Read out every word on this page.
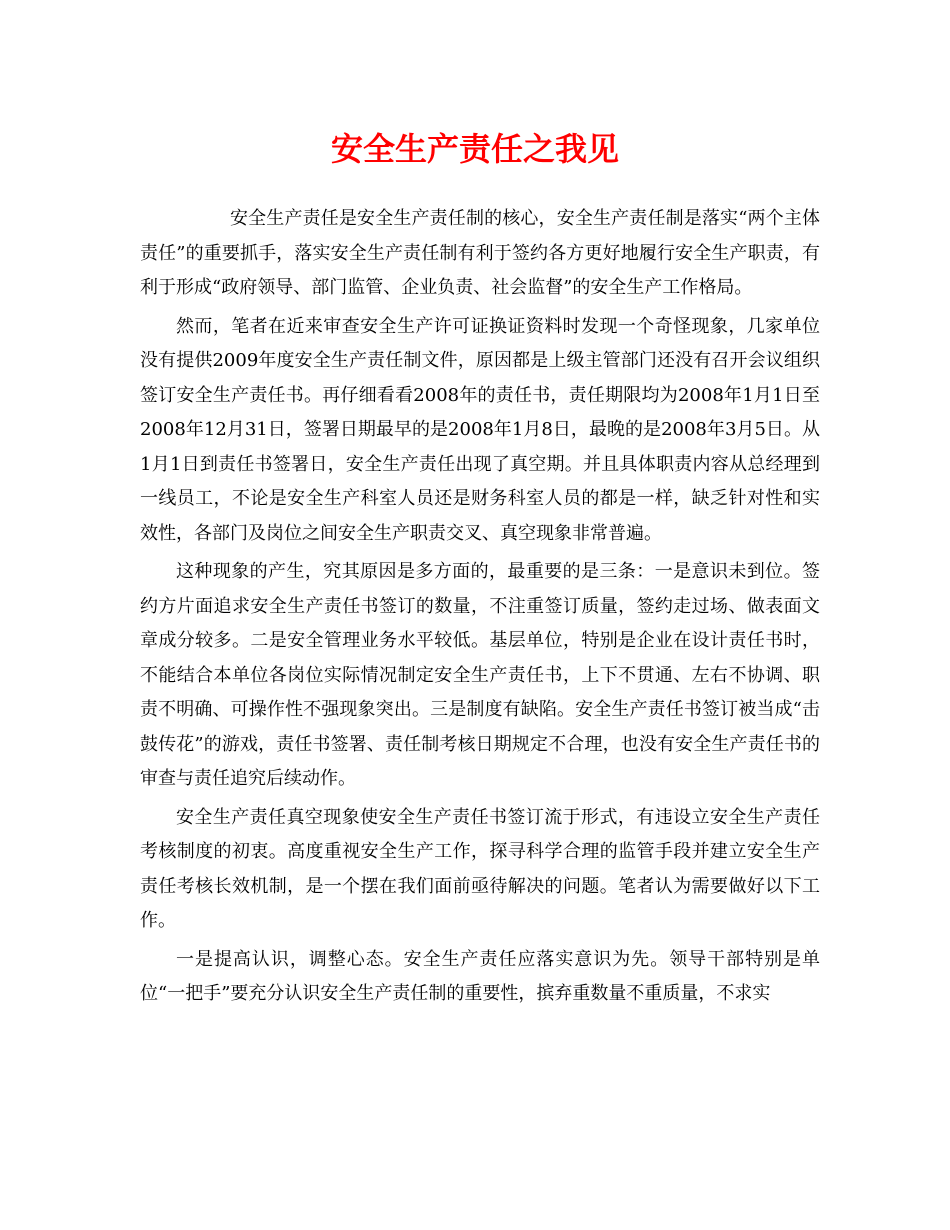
安全生产责任之我见

安全生产责任是安全生产责任制的核心，安全生产责任制是落实“两个主体责任”的重要抓手，落实安全生产责任制有利于签约各方更好地履行安全生产职责，有利于形成“政府领导、部门监管、企业负责、社会监督”的安全生产工作格局。

然而，笔者在近来审查安全生产许可证换证资料时发现一个奇怪现象，几家单位没有提供2009年度安全生产责任制文件，原因都是上级主管部门还没有召开会议组织签订安全生产责任书。再仔细看看2008年的责任书，责任期限均为2008年1月1日至2008年12月31日，签署日期最早的是2008年1月8日，最晚的是2008年3月5日。从1月1日到责任书签署日，安全生产责任出现了真空期。并且具体职责内容从总经理到一线员工，不论是安全生产科室人员还是财务科室人员的都是一样，缺乏针对性和实效性，各部门及岗位之间安全生产职责交叉、真空现象非常普遍。

这种现象的产生，究其原因是多方面的，最重要的是三条：一是意识未到位。签约方片面追求安全生产责任书签订的数量，不注重签订质量，签约走过场、做表面文章成分较多。二是安全管理业务水平较低。基层单位，特别是企业在设计责任书时，不能结合本单位各岗位实际情况制定安全生产责任书，上下不贯通、左右不协调、职责不明确、可操作性不强现象突出。三是制度有缺陷。安全生产责任书签订被当成“击鼓传花”的游戏，责任书签署、责任制考核日期规定不合理，也没有安全生产责任书的审查与责任追究后续动作。

安全生产责任真空现象使安全生产责任书签订流于形式，有违设立安全生产责任考核制度的初衷。高度重视安全生产工作，探寻科学合理的监管手段并建立安全生产责任考核长效机制，是一个摆在我们面前亟待解决的问题。笔者认为需要做好以下工作。

一是提高认识，调整心态。安全生产责任应落实意识为先。领导干部特别是单位“一把手”要充分认识安全生产责任制的重要性，摈弃重数量不重质量，不求实
